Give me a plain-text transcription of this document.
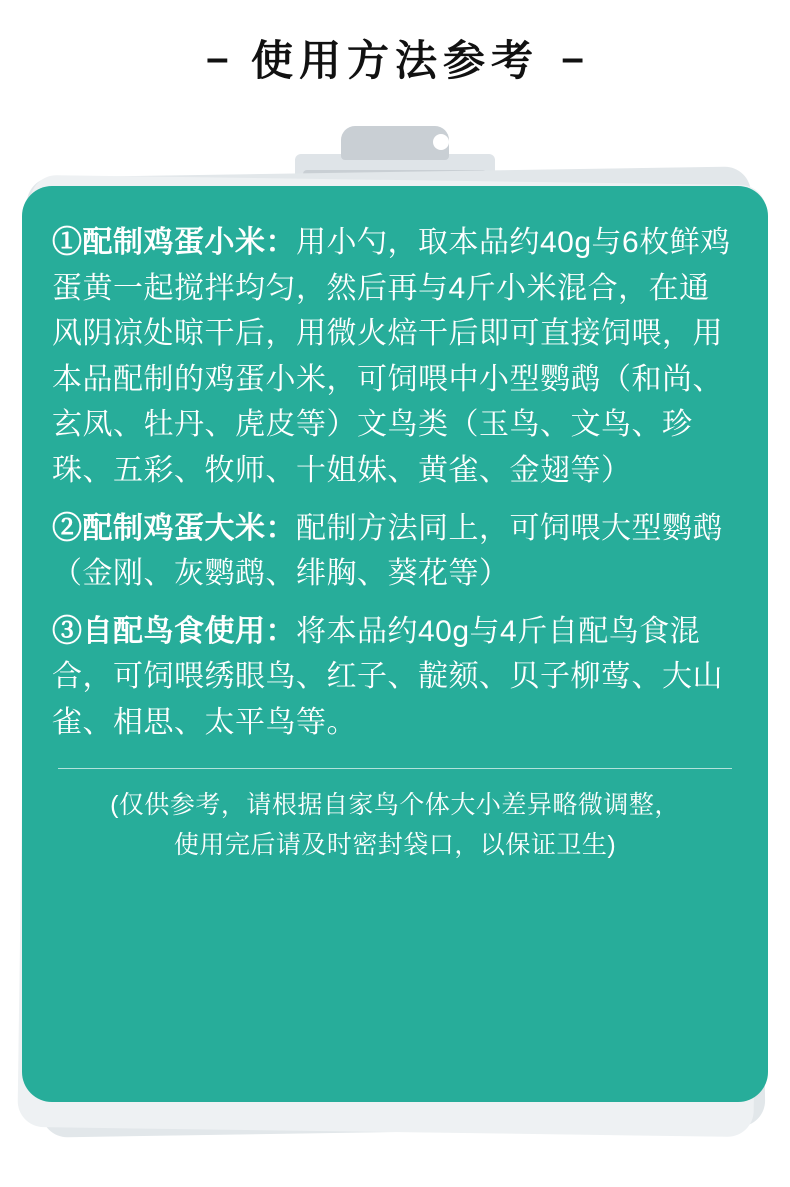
– 使用方法参考 –

①配制鸡蛋小米：用小勺，取本品约40g与6枚鲜鸡蛋黄一起搅拌均匀，然后再与4斤小米混合，在通风阴凉处晾干后，用微火焙干后即可直接饲喂，用本品配制的鸡蛋小米，可饲喂中小型鹦鹉（和尚、玄凤、牡丹、虎皮等）文鸟类（玉鸟、文鸟、珍珠、五彩、牧师、十姐妹、黄雀、金翅等）

②配制鸡蛋大米：配制方法同上，可饲喂大型鹦鹉（金刚、灰鹦鹉、绯胸、葵花等）

③自配鸟食使用：将本品约40g与4斤自配鸟食混合，可饲喂绣眼鸟、红子、靛颏、贝子柳莺、大山雀、相思、太平鸟等。

(仅供参考，请根据自家鸟个体大小差异略微调整，
使用完后请及时密封袋口，以保证卫生)
